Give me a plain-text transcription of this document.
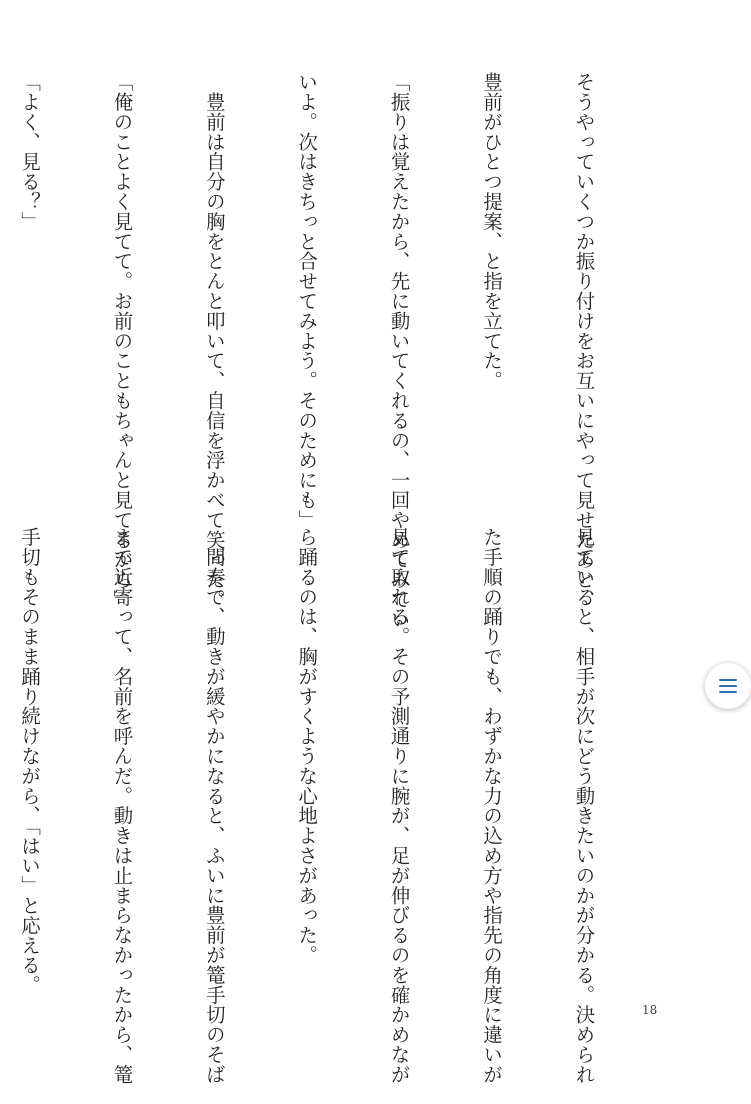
そうやっていくつか振り付けをお互いにやって見せたあと、

豊前がひとつ提案、と指を立てた。

「振りは覚えたから、先に動いてくれるの、一回やめてみてい

いよ。次はきちっと合せてみよう。そのためにも」

　豊前は自分の胸をとんと叩いて、自信を浮かべて笑った。

「俺のことよく見てて。お前のこともちゃんと見てるから」

「よく、見る？」

見ていると、相手が次にどう動きたいのかが分かる。決められ

た手順の踊りでも、わずかな力の込め方や指先の角度に違いが

見て取れる。その予測通りに腕が、足が伸びるのを確かめなが

ら踊るのは、胸がすくような心地よさがあった。

　間奏で、動きが緩やかになると、ふいに豊前が篭手切のそば

まで近寄って、名前を呼んだ。動きは止まらなかったから、篭

手切もそのまま踊り続けながら、「はい」と応える。

18
